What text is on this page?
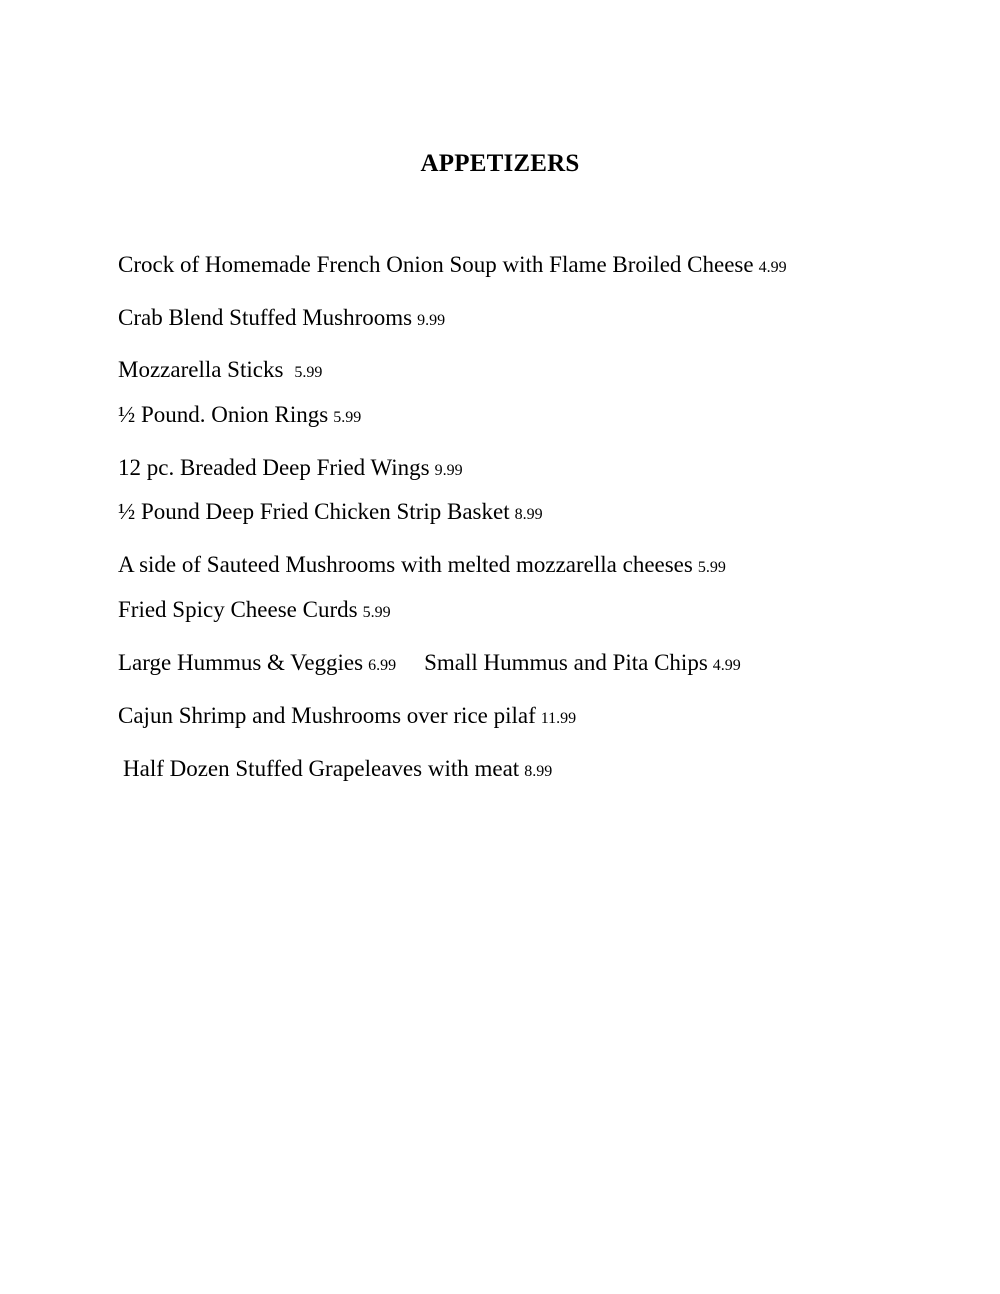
APPETIZERS
Crock of Homemade French Onion Soup with Flame Broiled Cheese 4.99
Crab Blend Stuffed Mushrooms 9.99
Mozzarella Sticks 5.99
½ Pound. Onion Rings 5.99
12 pc. Breaded Deep Fried Wings 9.99
½ Pound Deep Fried Chicken Strip Basket 8.99
A side of Sauteed Mushrooms with melted mozzarella cheeses 5.99
Fried Spicy Cheese Curds 5.99
Large Hummus & Veggies 6.99 Small Hummus and Pita Chips 4.99
Cajun Shrimp and Mushrooms over rice pilaf 11.99
Half Dozen Stuffed Grapeleaves with meat 8.99
